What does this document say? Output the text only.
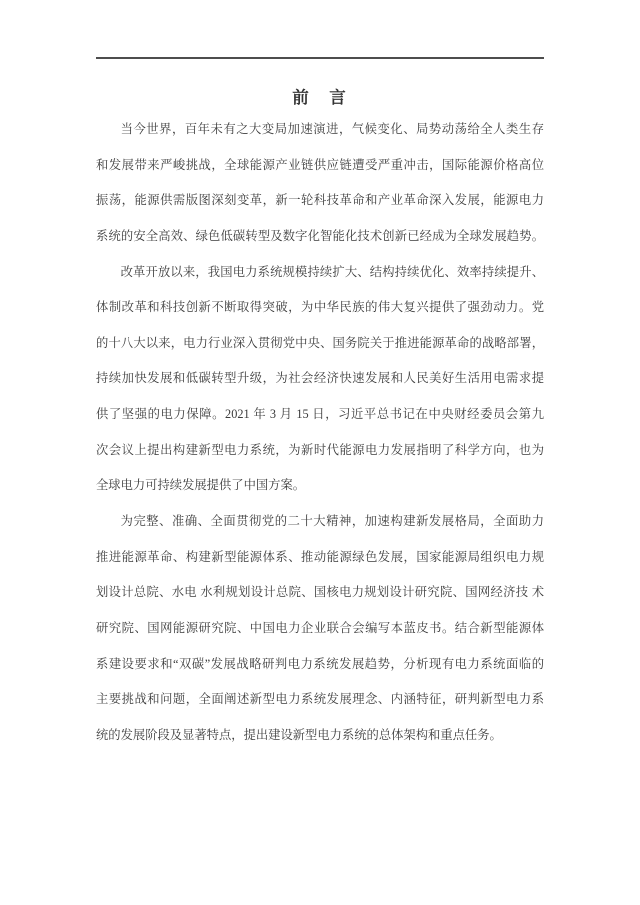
前　言
当今世界，百年未有之大变局加速演进，气候变化、局势动荡给全人类生存
和发展带来严峻挑战，全球能源产业链供应链遭受严重冲击，国际能源价格高位
振荡，能源供需版图深刻变革，新一轮科技革命和产业革命深入发展，能源电力
系统的安全高效、绿色低碳转型及数字化智能化技术创新已经成为全球发展趋势。
改革开放以来，我国电力系统规模持续扩大、结构持续优化、效率持续提升、
体制改革和科技创新不断取得突破，为中华民族的伟大复兴提供了强劲动力。党
的十八大以来，电力行业深入贯彻党中央、国务院关于推进能源革命的战略部署，
持续加快发展和低碳转型升级，为社会经济快速发展和人民美好生活用电需求提
供了坚强的电力保障。2021 年 3 月 15 日，习近平总书记在中央财经委员会第九
次会议上提出构建新型电力系统，为新时代能源电力发展指明了科学方向，也为
全球电力可持续发展提供了中国方案。
为完整、准确、全面贯彻党的二十大精神，加速构建新发展格局，全面助力
推进能源革命、构建新型能源体系、推动能源绿色发展，国家能源局组织电力规
划设计总院、水电 水利规划设计总院、国核电力规划设计研究院、国网经济技 术
研究院、国网能源研究院、中国电力企业联合会编写本蓝皮书。结合新型能源体
系建设要求和“双碳”发展战略研判电力系统发展趋势，分析现有电力系统面临的
主要挑战和问题，全面阐述新型电力系统发展理念、内涵特征，研判新型电力系
统的发展阶段及显著特点，提出建设新型电力系统的总体架构和重点任务。
